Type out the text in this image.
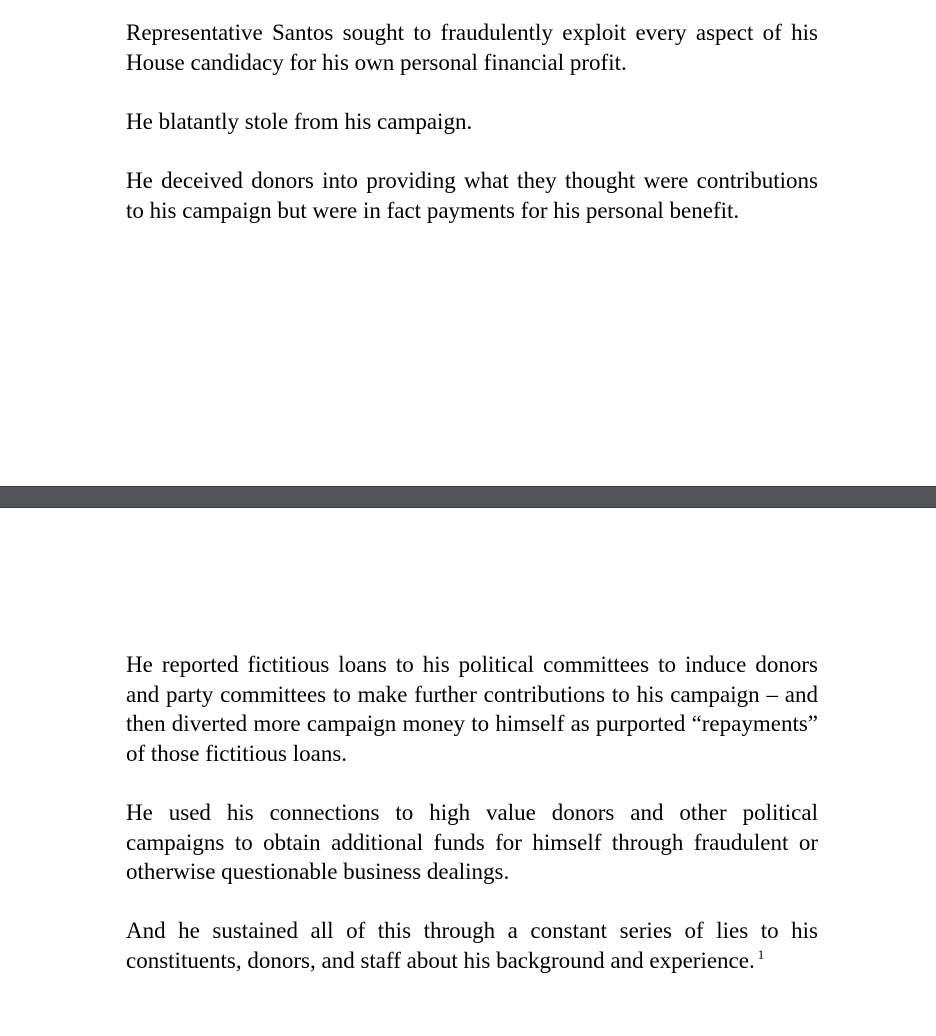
Representative Santos sought to fraudulently exploit every aspect of his House candidacy for his own personal financial profit.

He blatantly stole from his campaign.

He deceived donors into providing what they thought were contributions to his campaign but were in fact payments for his personal benefit.

He reported fictitious loans to his political committees to induce donors and party committees to make further contributions to his campaign – and then diverted more campaign money to himself as purported “repayments” of those fictitious loans.

He used his connections to high value donors and other political campaigns to obtain additional funds for himself through fraudulent or otherwise questionable business dealings.

And he sustained all of this through a constant series of lies to his constituents, donors, and staff about his background and experience. $^1$
